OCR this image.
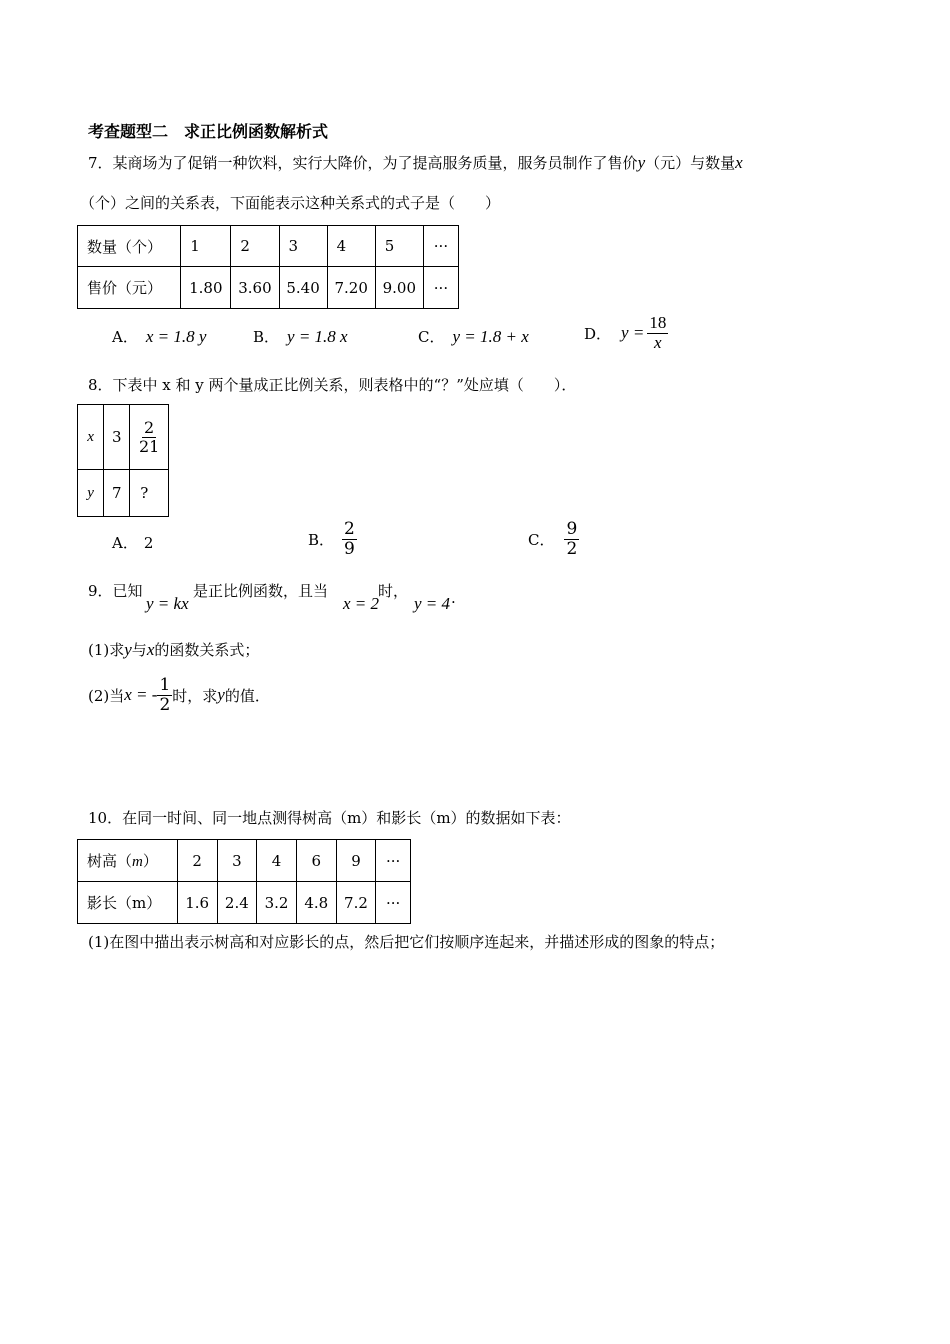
考查题型二　求正比例函数解析式
7．某商场为了促销一种饮料，实行大降价，为了提高服务质量，服务员制作了售价y（元）与数量x
（个）之间的关系表，下面能表示这种关系式的式子是（　　）
数量（个）	1	2	3	4	5	···
售价（元）	1.80	3.60	5.40	7.20	9.00	···
A． x = 1.8 y	B． y = 1.8 x	C． y = 1.8 + x	D． $y = \frac{18}{x}$
8．下表中 x 和 y 两个量成正比例关系，则表格中的“？”处应填（　　）．
x	3	$\frac{2}{21}$

y	7	?
A． 2	B． $\frac{2}{9}$	C． $\frac{9}{2}$
9．已知
y = kx
是正比例函数，且当
x = 2
时，
y = 4 .
(1)求y与x的函数关系式；
(2)当 x = - $\frac{1}{2}$ 时，求 y 的值．
10．在同一时间、同一地点测得树高（m）和影长（m）的数据如下表：
树高（m）	2	3	4	6	9	···
影长（m）	1.6	2.4	3.2	4.8	7.2	···
(1)在图中描出表示树高和对应影长的点，然后把它们按顺序连起来，并描述形成的图象的特点；
